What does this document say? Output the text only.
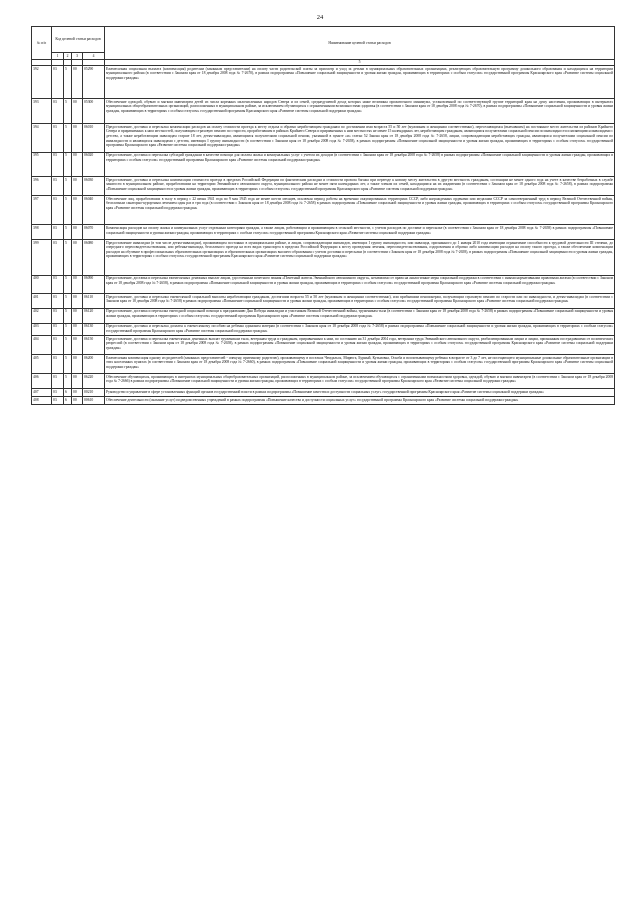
24
№ п/п	Код целевой статьи расходов				Наименование целевой статьи расходов
	1	2	3	4	
					5
392	03	5	00	05290	Ежемесячная социальная выплата (компенсация) родителям (законным представителям) на оплату части родительской платы за присмотр и уход за детьми в муниципальных образовательных организациях, реализующих образовательную программу дошкольного образования и находящихся на территории муниципального района (в соответствии с Законом края от 18 декабря 2008 года № 7-2670), в рамках подпрограммы «Повышение социальной защищенности и уровня жизни граждан, проживающих в территориях с особым статусом» государственной программы Красноярского края «Развитие системы социальной поддержки граждан»
393	03	5	00	05300	Обеспечение одеждой, обувью и мягким инвентарем детей из числа коренных малочисленных народов Севера и из семей, среднедушевой доход которых ниже величины прожиточного минимума, установленной по соответствующей группе территорий края на душу населения, проживающих в интернатах муниципальных общеобразовательных организаций, расположенных в муниципальном районе, за исключением обучающихся с ограниченными возможностями здоровья (в соответствии с Законом края от 18 декабря 2008 года № 7-2670), в рамках подпрограммы «Повышение социальной защищенности и уровня жизни граждан, проживающих в территориях с особым статусом» государственной программы Красноярского края «Развитие системы социальной поддержки граждан»
394	03	5	00	06010	Предоставление, доставка и пересылка компенсации расходов на оплату стоимости проезда к месту отдыха и обратно неработающим гражданам по достижении ими возраста 55 и 50 лет (мужчинам и женщинам соответственно), переселяющимся (выехавшим) на постоянное место жительства из районов Крайнего Севера и приравненных к ним местностей, получающим страховую пенсию по старости, проработавшим в районах Крайнего Севера и приравненных к ним местностях не менее 15 календарных лет, неработающим гражданам, являющимся получателями социальной пенсии по инвалидности и являющимся инвалидами с детства, а также неработающим инвалидам старше 18 лет, детям-инвалидам, являющимся получателями социальной пенсии, указанной в пункте «и» статьи 52 Закона края от 18 декабря 2008 года № 7-2658, лицам, сопровождающим неработающих граждан, являющихся получателями социальной пенсии по инвалидности и являющихся инвалидами с детства, имеющих I группу инвалидности (в соответствии с Законом края от 18 декабря 2008 года № 7-2658), в рамках подпрограммы «Повышение социальной защищенности и уровня жизни граждан, проживающих в территориях с особым статусом» государственной программы Красноярского края «Развитие системы социальной поддержки граждан»
395	03	5	00	06020	Предоставление, доставка и пересылка субсидий гражданам в качестве помощи для оплаты жилья и коммунальных услуг с учетом их доходов (в соответствии с Законом края от 18 декабря 2008 года № 7-2658) в рамках подпрограммы «Повышение социальной защищенности и уровня жизни граждан, проживающих в территориях с особым статусом» государственной программы Красноярского края «Развитие системы социальной поддержки граждан»
396	03	5	00	06030	Предоставление, доставка и пересылка компенсации стоимости проезда в пределах Российской Федерации по фактическим расходам и стоимости провоза багажа при переезде к новому месту жительства в другую местность гражданам, состоящим не менее одного года на учете в качестве безработных в службе занятости в муниципальном районе, проработавшим на территории Эвенкийского автономного округа, муниципального района не менее пяти календарных лет, а также членам их семей, находящимся на их иждивении (в соответствии с Законом края от 18 декабря 2008 года № 7-2658), в рамках подпрограммы «Повышение социальной защищенности и уровня жизни граждан, проживающих в территориях с особым статусом» государственной программы Красноярского края «Развитие системы социальной поддержки граждан»
397	03	5	00	06040	Обеспечение лиц, проработавших в тылу в период с 22 июня 1941 года по 9 мая 1945 года не менее шести месяцев, исключая период работы на временно оккупированных территориях СССР, либо награжденных орденами или медалями СССР за самоотверженный труд в период Великой Отечественной войны, бесплатным санаторно-курортным лечением один раз в три года (в соответствии с Законом края от 18 декабря 2008 года № 7-2658) в рамках подпрограммы «Повышение социальной защищенности и уровня жизни граждан, проживающих в территориях с особым статусом» государственной программы Красноярского края «Развитие системы социальной поддержки граждан»
398	03	5	00	06070	Компенсация расходов на оплату жилья и коммунальных услуг отдельным категориям граждан, а также лицам, работающим и проживающим в сельской местности, с учетом расходов по доставке и пересылке (в соответствии с Законом края от 18 декабря 2008 года № 7-2658) в рамках подпрограммы «Повышение социальной защищенности и уровня жизни граждан, проживающих в территориях с особым статусом» государственной программы Красноярского края «Развитие системы социальной поддержки граждан»
399	03	5	00	06080	Предоставление инвалидам (в том числе детям-инвалидам), проживающим постоянно в муниципальном районе, и лицам, сопровождающим инвалидов, имеющих I группу инвалидности, или инвалида, признанного до 1 января 2010 года имеющим ограничение способности к трудовой деятельности III степени, до очередного переосвидетельствования, или ребенка-инвалида, бесплатного проезда на всех видах транспорта в пределах Российской Федерации к месту проведения лечения, переосвидетельствования, оздоровления и обратно либо компенсации расходов на оплату такого проезда, а также обеспечение компенсации расходов на обучение в профессиональных образовательных организациях и образовательных организациях высшего образования с учетом доставки и пересылки (в соответствии с Законом края от 18 декабря 2008 года № 7-2658), в рамках подпрограммы «Повышение социальной защищенности и уровня жизни граждан, проживающих в территориях с особым статусом» государственной программы Красноярского края «Развитие системы социальной поддержки граждан»
400	03	5	00	06090	Предоставление, доставка и пересылка ежемесячных денежных выплат лицам, удостоенным почетного звания «Почетный житель Эвенкийского автономного округа», независимо от права на аналогичные меры социальной поддержки в соответствии с иными нормативными правовыми актами (в соответствии с Законом края от 18 декабря 2008 года № 7-2658), в рамках подпрограммы «Повышение социальной защищенности и уровня жизни граждан, проживающих в территориях с особым статусом» государственной программы Красноярского края «Развитие системы социальной поддержки граждан»
401	03	5	00	06110	Предоставление, доставка и пересылка ежемесячной социальной выплаты неработающим гражданам, достигшим возраста 55 и 50 лет (мужчинам и женщинам соответственно), или прибывшим пенсионерам, получающим страховую пенсию по старости или по инвалидности, и детям-инвалидам (в соответствии с Законом края от 18 декабря 2008 года № 7-2658) в рамках подпрограммы «Повышение социальной защищенности и уровня жизни граждан, проживающих в территориях с особым статусом» государственной программы Красноярского края «Развитие системы социальной поддержки граждан»
402	03	5	00	06120	Предоставление, доставка и пересылка ежегодной социальной помощи к празднованию Дня Победы инвалидам и участникам Великой Отечественной войны, труженикам тыла (в соответствии с Законом края от 18 декабря 2008 года № 7-2658) в рамках подпрограммы «Повышение социальной защищенности и уровня жизни граждан, проживающих в территориях с особым статусом» государственной программы Красноярского края «Развитие системы социальной поддержки граждан»
403	03	5	00	06130	Предоставление, доставка и пересылка доплаты к ежемесячному пособию на ребенка одиноким матерям (в соответствии с Законом края от 18 декабря 2008 года № 7-2658) в рамках подпрограммы «Повышение социальной защищенности и уровня жизни граждан, проживающих в территориях с особым статусом» государственной программы Красноярского края «Развитие системы социальной поддержки граждан»
404	03	5	00	06150	Предоставление, доставка и пересылка ежемесячных денежных выплат труженикам тыла, ветеранам труда и гражданам, приравненным к ним, по состоянию на 31 декабря 2004 года, ветеранам труда Эвенкийского автономного округа, реабилитированным лицам и лицам, признанным пострадавшими от политических репрессий (в соответствии с Законом края от 18 декабря 2008 года № 7-2658), в рамках подпрограммы «Повышение социальной защищенности и уровня жизни граждан, проживающих в территориях с особым статусом» государственной программы Красноярского края «Развитие системы социальной поддержки граждан»
405	03	5	00	06200	Ежемесячная компенсация одному из родителей (законных представителей - опекуну, приемному родителю), проживающему в поселках Чемдальск, Мирюга, Бурный, Кузьмовка, Оскоба и воспитывающему ребенка в возрасте от 3 до 7 лет, не посещающего муниципальные дошкольные образовательные организации в этих населенных пунктах (в соответствии с Законом края от 18 декабря 2008 года № 7-2660), в рамках подпрограммы «Повышение социальной защищенности и уровня жизни граждан, проживающих в территориях с особым статусом» государственной программы Красноярского края «Развитие системы социальной поддержки граждан»
406	03	5	00	06220	Обеспечение обучающихся, проживающих в интернатах муниципальных общеобразовательных организаций, расположенных в муниципальном районе, за исключением обучающихся с ограниченными возможностями здоровья, одеждой, обувью и мягким инвентарем (в соответствии с Законом края от 18 декабря 2008 года № 7-2666) в рамках подпрограммы «Повышение социальной защищенности и уровня жизни граждан, проживающих в территориях с особым статусом» государственной программы Красноярского края «Развитие системы социальной поддержки граждан»
407	03	6	00	00210	Руководство и управление в сфере установленных функций органов государственной власти в рамках подпрограммы «Повышение качества и доступности социальных услуг» государственной программы Красноярского края «Развитие системы социальной поддержки граждан»
408	03	6	00	00610	Обеспечение деятельности (оказание услуг) подведомственных учреждений в рамках подпрограммы «Повышение качества и доступности социальных услуг» государственной программы Красноярского края «Развитие системы социальной поддержки граждан»
